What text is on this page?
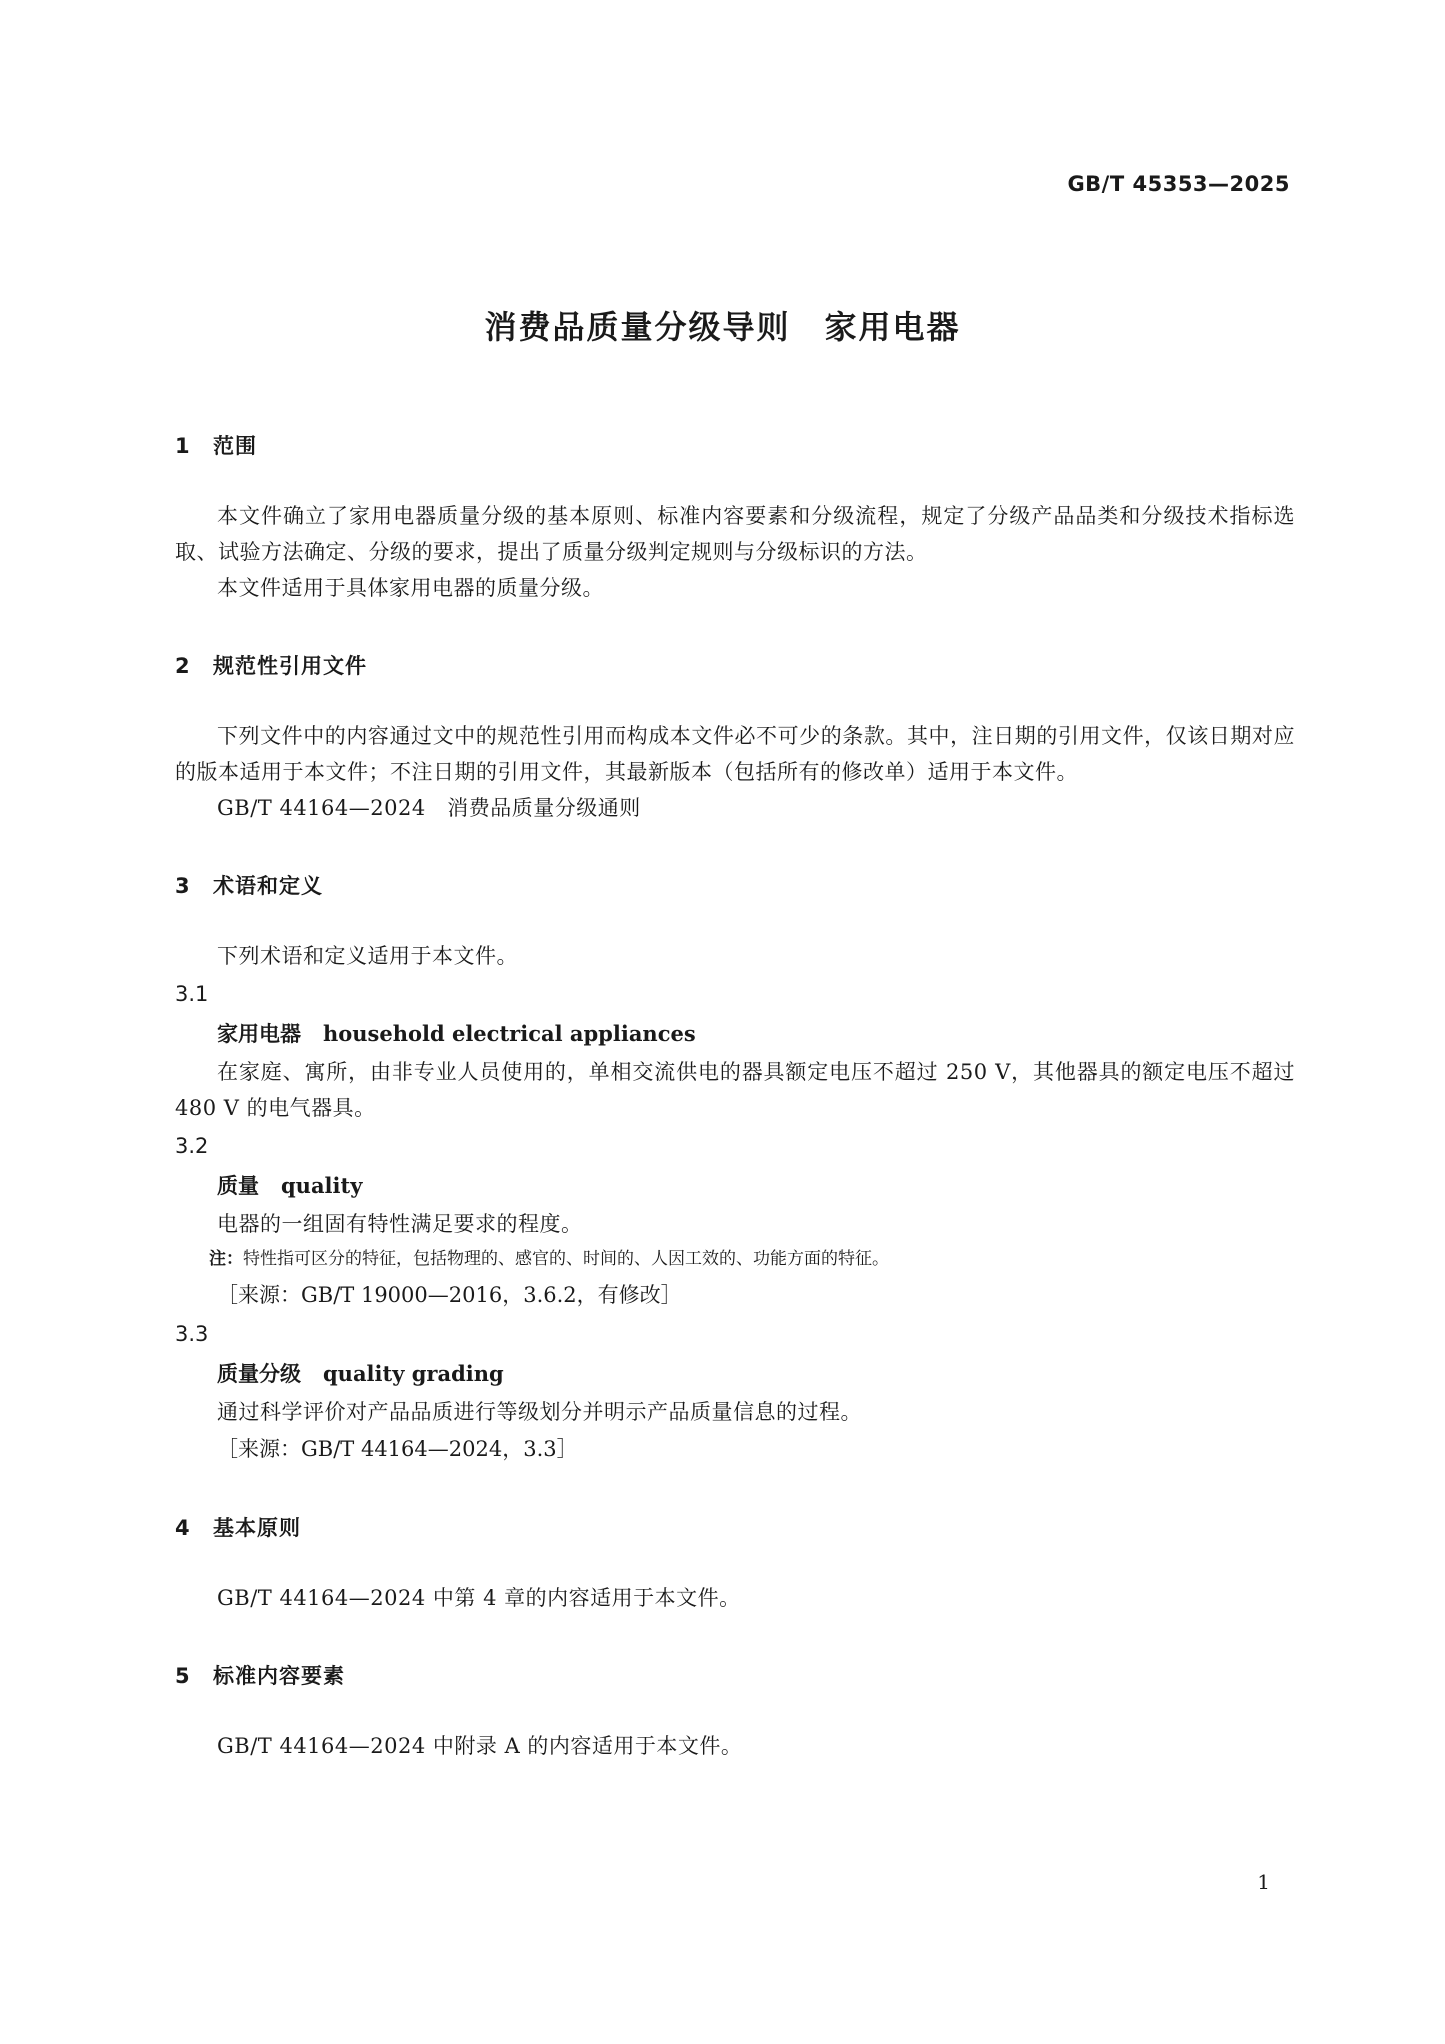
GB/T 45353—2025
消费品质量分级导则　家用电器
1 范围

本文件确立了家用电器质量分级的基本原则、标准内容要素和分级流程，规定了分级产品品类和分级技术指标选取、试验方法确定、分级的要求，提出了质量分级判定规则与分级标识的方法。

本文件适用于具体家用电器的质量分级。

2 规范性引用文件

下列文件中的内容通过文中的规范性引用而构成本文件必不可少的条款。其中，注日期的引用文件，仅该日期对应的版本适用于本文件；不注日期的引用文件，其最新版本（包括所有的修改单）适用于本文件。

GB/T 44164—2024　消费品质量分级通则

3 术语和定义

下列术语和定义适用于本文件。

3.1

家用电器 household electrical appliances

在家庭、寓所，由非专业人员使用的，单相交流供电的器具额定电压不超过 250 V，其他器具的额定电压不超过 480 V 的电气器具。

3.2

质量 quality

电器的一组固有特性满足要求的程度。

注：特性指可区分的特征，包括物理的、感官的、时间的、人因工效的、功能方面的特征。

［来源：GB/T 19000—2016，3.6.2，有修改］

3.3

质量分级 quality grading

通过科学评价对产品品质进行等级划分并明示产品质量信息的过程。

［来源：GB/T 44164—2024，3.3］

4 基本原则

GB/T 44164—2024 中第 4 章的内容适用于本文件。

5 标准内容要素

GB/T 44164—2024 中附录 A 的内容适用于本文件。

1
